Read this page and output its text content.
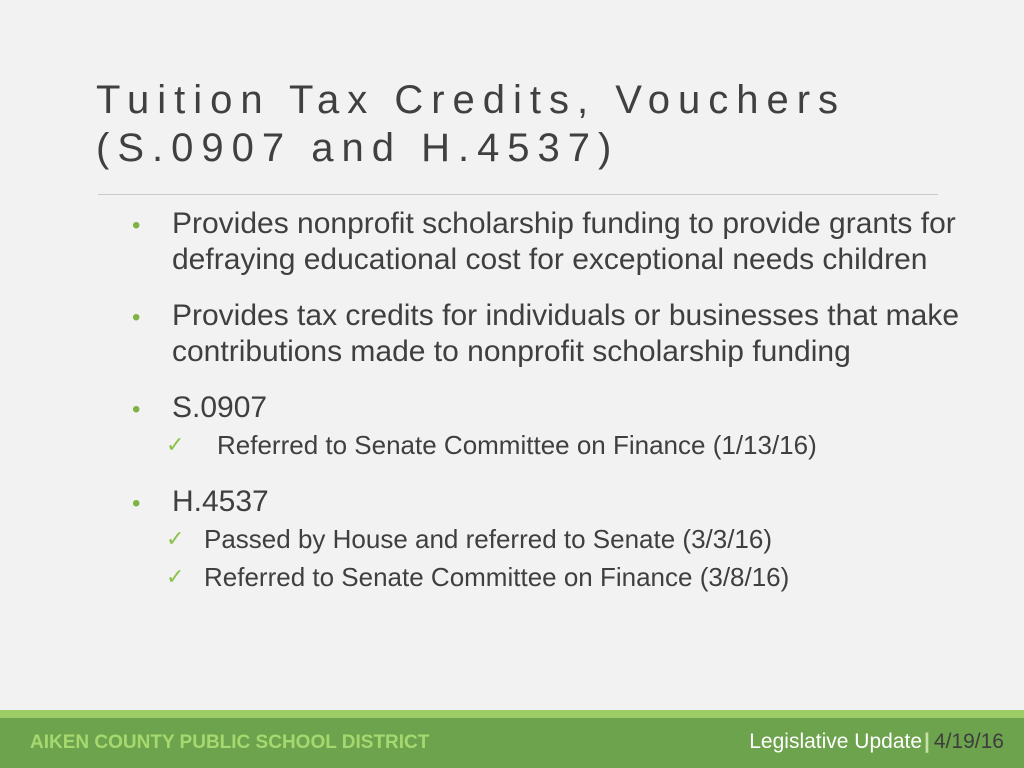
Tuition Tax Credits, Vouchers
(S.0907 and H.4537)
• Provides nonprofit scholarship funding to provide grants for defraying educational cost for exceptional needs children
• Provides tax credits for individuals or businesses that make contributions made to nonprofit scholarship funding
• S.0907
✓	Referred to Senate Committee on Finance (1/13/16)
• H.4537
✓ Passed by House and referred to Senate (3/3/16)
✓ Referred to Senate Committee on Finance (3/8/16)
AIKEN COUNTY PUBLIC SCHOOL DISTRICT	Legislative Update| 4/19/16
